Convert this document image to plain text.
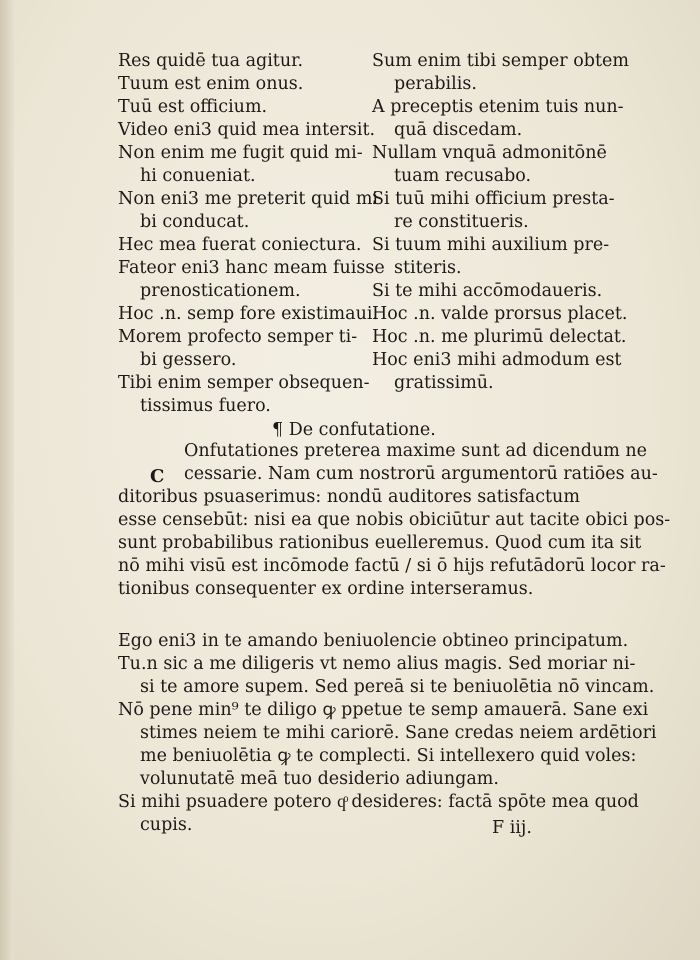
Res quidē tua agitur.
Tuum est enim onus.
Tuū est officium.
Video eni3 quid mea intersit.
Non enim me fugit quid mi-
hi conueniat.
Non eni3 me preterit quid mi
bi conducat.
Hec mea fuerat coniectura.
Fateor eni3 hanc meam fuisse
prenosticationem.
Hoc .n. semp fore existimaui.
Morem profecto semper ti-
bi gessero.
Tibi enim semper obsequen-
tissimus fuero.
Sum enim tibi semper obtem
perabilis.
A preceptis etenim tuis nun-
quā discedam.
Nullam vnquā admonitōnē
tuam recusabo.
Si tuū mihi officium presta-
re constitueris.
Si tuum mihi auxilium pre-
stiteris.
Si te mihi accōmodaueris.
Hoc .n. valde prorsus placet.
Hoc .n. me plurimū delectat.
Hoc eni3 mihi admodum est
gratissimū.
¶ De confutatione.
Onfutationes preterea maxime sunt ad dicendum ne
cessarie. Nam cum nostrorū argumentorū ratiōes au-
C
ditoribus psuaserimus: nondū auditores satisfactum
esse censebūt: nisi ea que nobis obiciūtur aut tacite obici pos-
sunt probabilibus rationibus euelleremus. Quod cum ita sit
nō mihi visū est incōmode factū / si ō hijs refutādorū locor ra-
tionibus consequenter ex ordine interseramus.
Ego eni3 in te amando beniuolencie obtineo principatum.
Tu.n sic a me diligeris vt nemo alius magis. Sed moriar ni-
si te amore supem. Sed pereā si te beniuolētia nō vincam.
Nō pene min⁹ te diligo ꝙ ppetue te semp amauerā. Sane exi
stimes neiem te mihi cariorē. Sane credas neiem ardētiori
me beniuolētia ꝙ te complecti. Si intellexero quid voles:
volunutatē meā tuo desiderio adiungam.
Si mihi psuadere potero qͦ desideres: factā spōte mea quod
cupis.	F iij.
